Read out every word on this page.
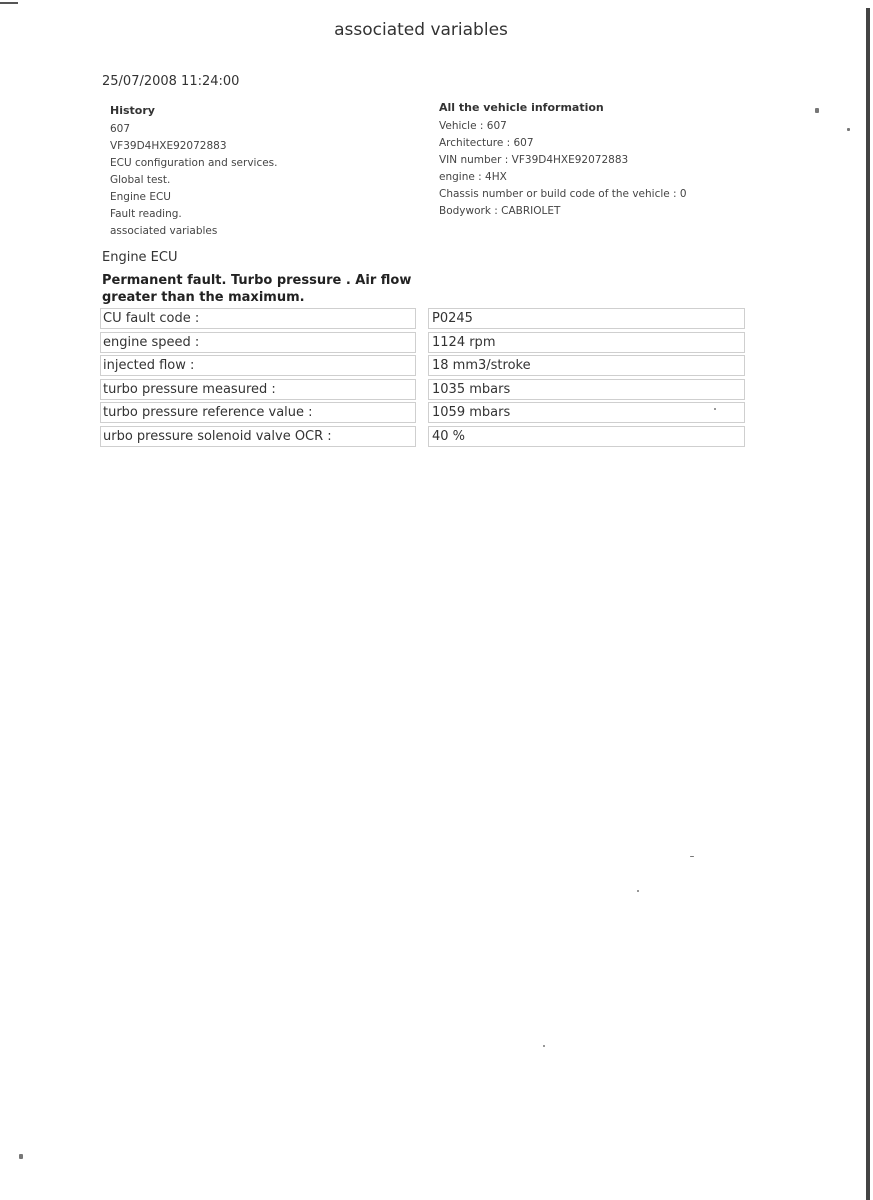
associated variables
25/07/2008 11:24:00
History
607
VF39D4HXE92072883
ECU configuration and services.
Global test.
Engine ECU
Fault reading.
associated variables
All the vehicle information
Vehicle : 607
Architecture : 607
VIN number : VF39D4HXE92072883
engine : 4HX
Chassis number or build code of the vehicle : 0
Bodywork : CABRIOLET
Engine ECU
Permanent fault. Turbo pressure . Air flow greater than the maximum.
CU fault code :	P0245
engine speed :	1124 rpm
injected flow :	18 mm3/stroke
turbo pressure measured :	1035 mbars
turbo pressure reference value :	1059 mbars
urbo pressure solenoid valve OCR :	40 %
